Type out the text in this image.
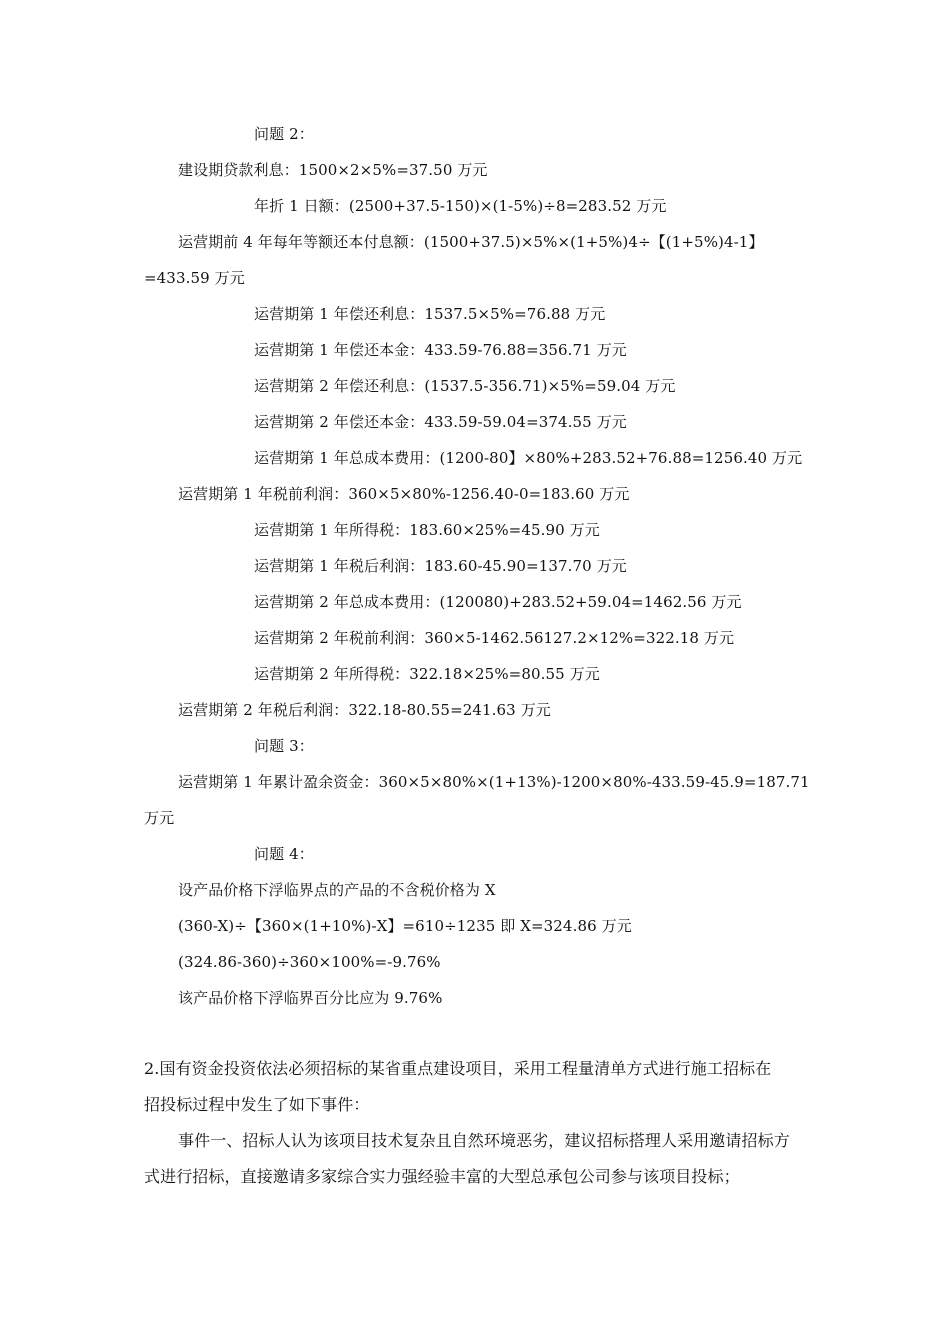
问题 2：
建设期贷款利息：1500×2×5%=37.50 万元
年折 1 日额：(2500+37.5-150)×(1-5%)÷8=283.52 万元
运营期前 4 年每年等额还本付息额：(1500+37.5)×5%×(1+5%)4÷【(1+5%)4-1】
=433.59 万元
运营期第 1 年偿还利息：1537.5×5%=76.88 万元
运营期第 1 年偿还本金：433.59-76.88=356.71 万元
运营期第 2 年偿还利息：(1537.5-356.71)×5%=59.04 万元
运营期第 2 年偿还本金：433.59-59.04=374.55 万元
运营期第 1 年总成本费用：(1200-80】×80%+283.52+76.88=1256.40 万元
运营期第 1 年税前利润：360×5×80%-1256.40-0=183.60 万元
运营期第 1 年所得税：183.60×25%=45.90 万元
运营期第 1 年税后利润：183.60-45.90=137.70 万元
运营期第 2 年总成本费用：(120080)+283.52+59.04=1462.56 万元
运营期第 2 年税前利润：360×5-1462.56127.2×12%=322.18 万元
运营期第 2 年所得税：322.18×25%=80.55 万元
运营期第 2 年税后利润：322.18-80.55=241.63 万元
问题 3：
运营期第 1 年累计盈余资金：360×5×80%×(1+13%)-1200×80%-433.59-45.9=187.71
万元
问题 4：
设产品价格下浮临界点的产品的不含税价格为 X
(360-X)÷【360×(1+10%)-X】=610÷1235 即 X=324.86 万元
(324.86-360)÷360×100%=-9.76%
该产品价格下浮临界百分比应为 9.76%
2.国有资金投资依法必须招标的某省重点建设项目，采用工程量清单方式进行施工招标在
招投标过程中发生了如下事件：
事件一、招标人认为该项目技术复杂且自然环境恶劣，建议招标搭理人采用邀请招标方
式进行招标，直接邀请多家综合实力强经验丰富的大型总承包公司参与该项目投标；
